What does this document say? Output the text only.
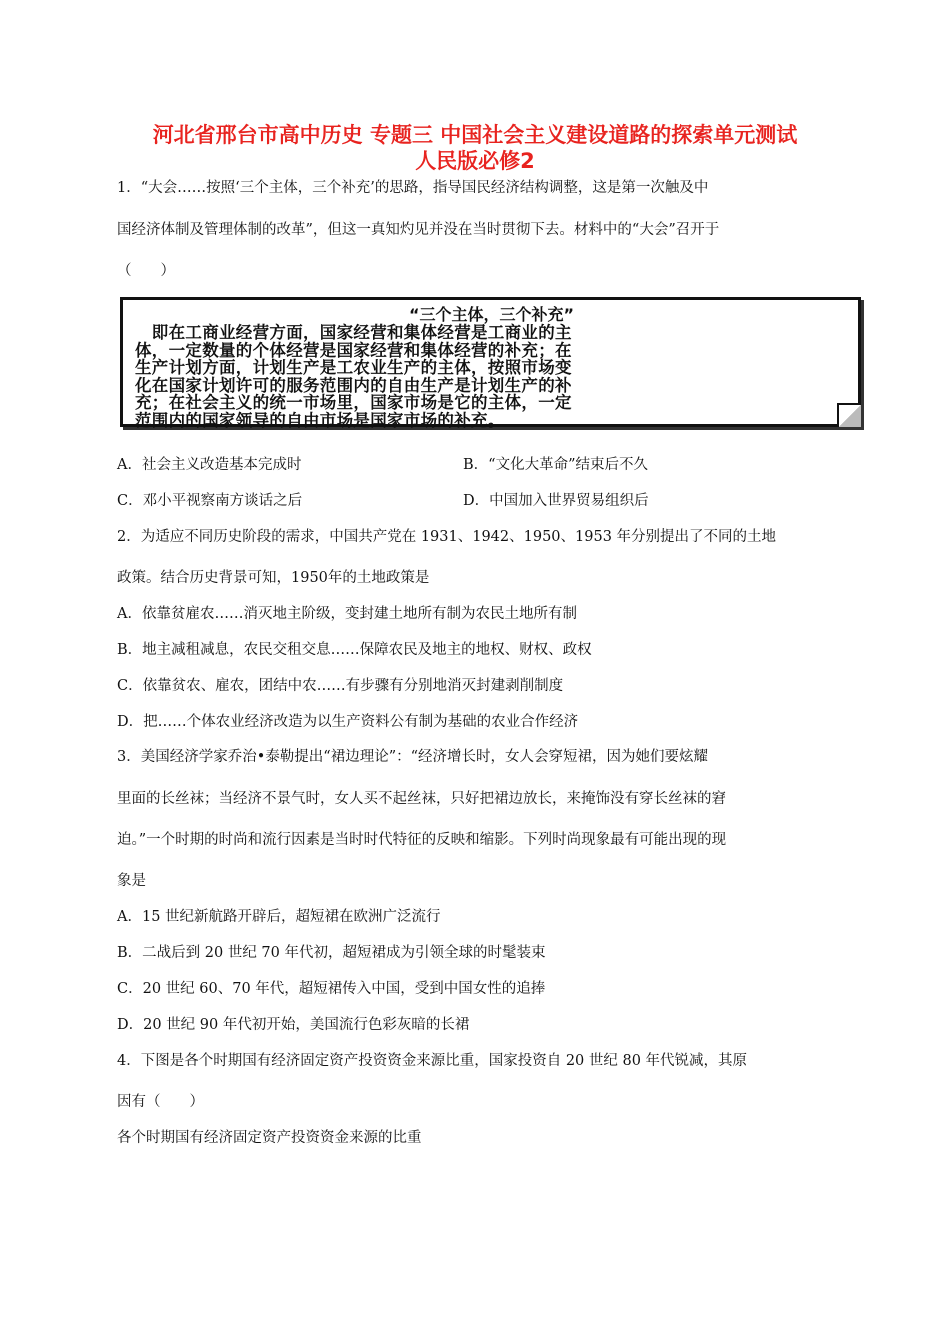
河北省邢台市高中历史 专题三 中国社会主义建设道路的探索单元测试
人民版必修2
1．“大会……按照‘三个主体，三个补充’的思路，指导国民经济结构调整，这是第一次触及中
国经济体制及管理体制的改革”，但这一真知灼见并没在当时贯彻下去。材料中的“大会”召开于
（　　）
“三个主体，三个补充”
　即在工商业经营方面，国家经营和集体经营是工商业的主
体，一定数量的个体经营是国家经营和集体经营的补充；在
生产计划方面，计划生产是工农业生产的主体，按照市场变
化在国家计划许可的服务范围内的自由生产是计划生产的补
充；在社会主义的统一市场里，国家市场是它的主体，一定
范围内的国家领导的自由市场是国家市场的补充。
A．社会主义改造基本完成时	B．“文化大革命”结束后不久
C．邓小平视察南方谈话之后	D．中国加入世界贸易组织后
2．为适应不同历史阶段的需求，中国共产党在 1931、1942、1950、1953 年分别提出了不同的土地
政策。结合历史背景可知，1950年的土地政策是
A．依靠贫雇农……消灭地主阶级，变封建土地所有制为农民土地所有制
B．地主减租减息，农民交租交息……保障农民及地主的地权、财权、政权
C．依靠贫农、雇农，团结中农……有步骤有分别地消灭封建剥削制度
D．把……个体农业经济改造为以生产资料公有制为基础的农业合作经济
3．美国经济学家乔治•泰勒提出“裙边理论”：“经济增长时，女人会穿短裙，因为她们要炫耀
里面的长丝袜；当经济不景气时，女人买不起丝袜，只好把裙边放长，来掩饰没有穿长丝袜的窘
迫。”一个时期的时尚和流行因素是当时时代特征的反映和缩影。下列时尚现象最有可能出现的现
象是
A．15 世纪新航路开辟后，超短裙在欧洲广泛流行
B．二战后到 20 世纪 70 年代初，超短裙成为引领全球的时髦装束
C．20 世纪 60、70 年代，超短裙传入中国，受到中国女性的追捧
D．20 世纪 90 年代初开始，美国流行色彩灰暗的长裙
4．下图是各个时期国有经济固定资产投资资金来源比重，国家投资自 20 世纪 80 年代锐减，其原
因有（　　）
各个时期国有经济固定资产投资资金来源的比重
